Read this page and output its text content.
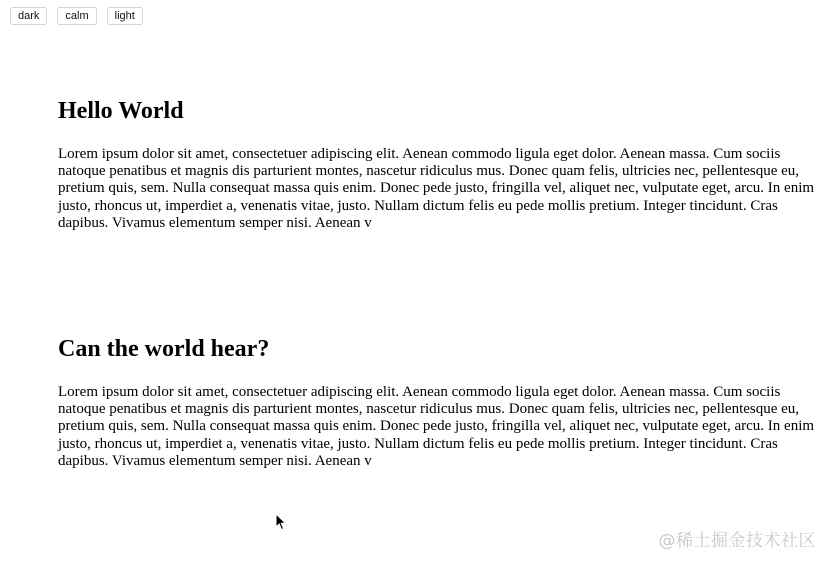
dark	calm	light
Hello World

Lorem ipsum dolor sit amet, consectetuer adipiscing elit. Aenean commodo ligula eget dolor. Aenean massa. Cum sociis natoque penatibus et magnis dis parturient montes, nascetur ridiculus mus. Donec quam felis, ultricies nec, pellentesque eu, pretium quis, sem. Nulla consequat massa quis enim. Donec pede justo, fringilla vel, aliquet nec, vulputate eget, arcu. In enim justo, rhoncus ut, imperdiet a, venenatis vitae, justo. Nullam dictum felis eu pede mollis pretium. Integer tincidunt. Cras dapibus. Vivamus elementum semper nisi. Aenean v

Can the world hear?

Lorem ipsum dolor sit amet, consectetuer adipiscing elit. Aenean commodo ligula eget dolor. Aenean massa. Cum sociis natoque penatibus et magnis dis parturient montes, nascetur ridiculus mus. Donec quam felis, ultricies nec, pellentesque eu, pretium quis, sem. Nulla consequat massa quis enim. Donec pede justo, fringilla vel, aliquet nec, vulputate eget, arcu. In enim justo, rhoncus ut, imperdiet a, venenatis vitae, justo. Nullam dictum felis eu pede mollis pretium. Integer tincidunt. Cras dapibus. Vivamus elementum semper nisi. Aenean v

@稀土掘金技术社区
